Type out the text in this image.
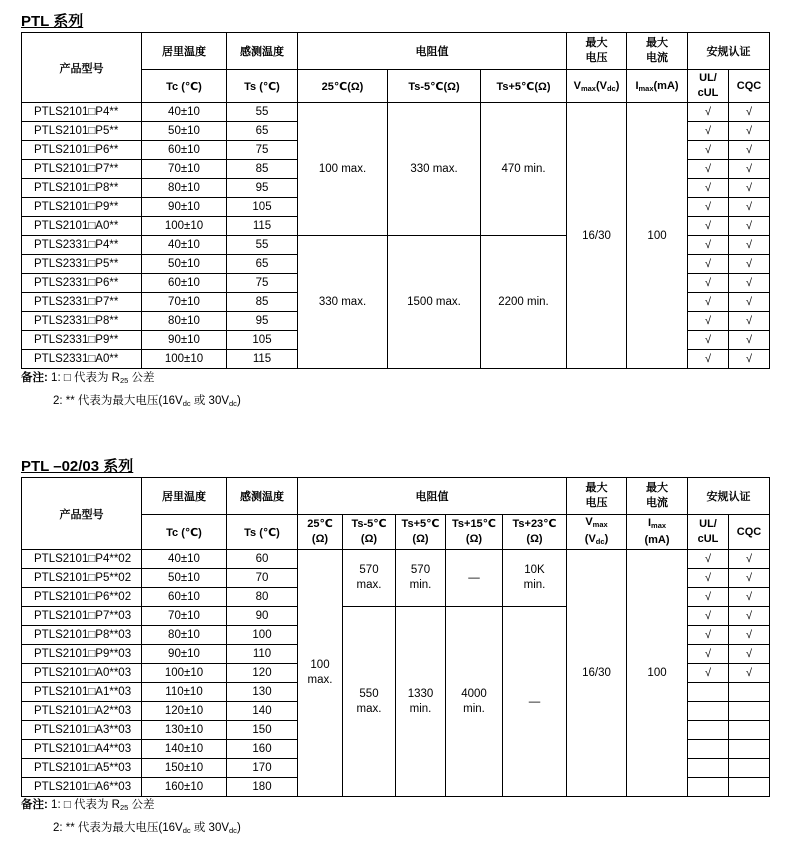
PTL 系列
产品型号	居里温度	感测温度	电阻值			最大
电压	最大
电流	安规认证	
	Tc (℃)	Ts (℃)	25℃(Ω)	Ts-5℃(Ω)	Ts+5℃(Ω)	$V_{max}(V_{dc})$	$I_{max}(mA)$	UL/
cUL	CQC
PTLS2101□P4**	40±10	55	100 max.	330 max.	470 min.	16/30	100	√	√
PTLS2101□P5**	50±10	65						√	√
PTLS2101□P6**	60±10	75						√	√
PTLS2101□P7**	70±10	85						√	√
PTLS2101□P8**	80±10	95						√	√
PTLS2101□P9**	90±10	105						√	√
PTLS2101□A0**	100±10	115						√	√
PTLS2331□P4**	40±10	55	330 max.	1500 max.	2200 min.			√	√
PTLS2331□P5**	50±10	65						√	√
PTLS2331□P6**	60±10	75						√	√
PTLS2331□P7**	70±10	85						√	√
PTLS2331□P8**	80±10	95						√	√
PTLS2331□P9**	90±10	105						√	√
PTLS2331□A0**	100±10	115						√	√
备注: 1: □ 代表为 $R_{25}$ 公差
2: ** 代表为最大电压($16V_{dc}$ 或 $30V_{dc}$)
PTL –02/03 系列
产品型号	居里温度	感测温度	电阻值					最大
电压	最大
电流	安规认证	
	Tc (℃)	Ts (℃)	25℃
(Ω)	Ts-5℃
(Ω)	Ts+5℃
(Ω)	Ts+15℃
(Ω)	Ts+23℃
(Ω)	$V_{max}$
$(V_{dc})$	$I_{max}$
(mA)	UL/
cUL	CQC
PTLS2101□P4**02	40±10	60	100
max.	570
max.	570
min.	—	10K
min.	16/30	100	√	√
PTLS2101□P5**02	50±10	70								√	√
PTLS2101□P6**02	60±10	80								√	√
PTLS2101□P7**03	70±10	90		550
max.	1330
min.	4000
min.	—			√	√
PTLS2101□P8**03	80±10	100								√	√
PTLS2101□P9**03	90±10	110								√	√
PTLS2101□A0**03	100±10	120								√	√
PTLS2101□A1**03	110±10	130									
PTLS2101□A2**03	120±10	140									
PTLS2101□A3**03	130±10	150									
PTLS2101□A4**03	140±10	160									
PTLS2101□A5**03	150±10	170									
PTLS2101□A6**03	160±10	180									
备注: 1: □ 代表为 $R_{25}$ 公差
2: ** 代表为最大电压($16V_{dc}$ 或 $30V_{dc}$)
